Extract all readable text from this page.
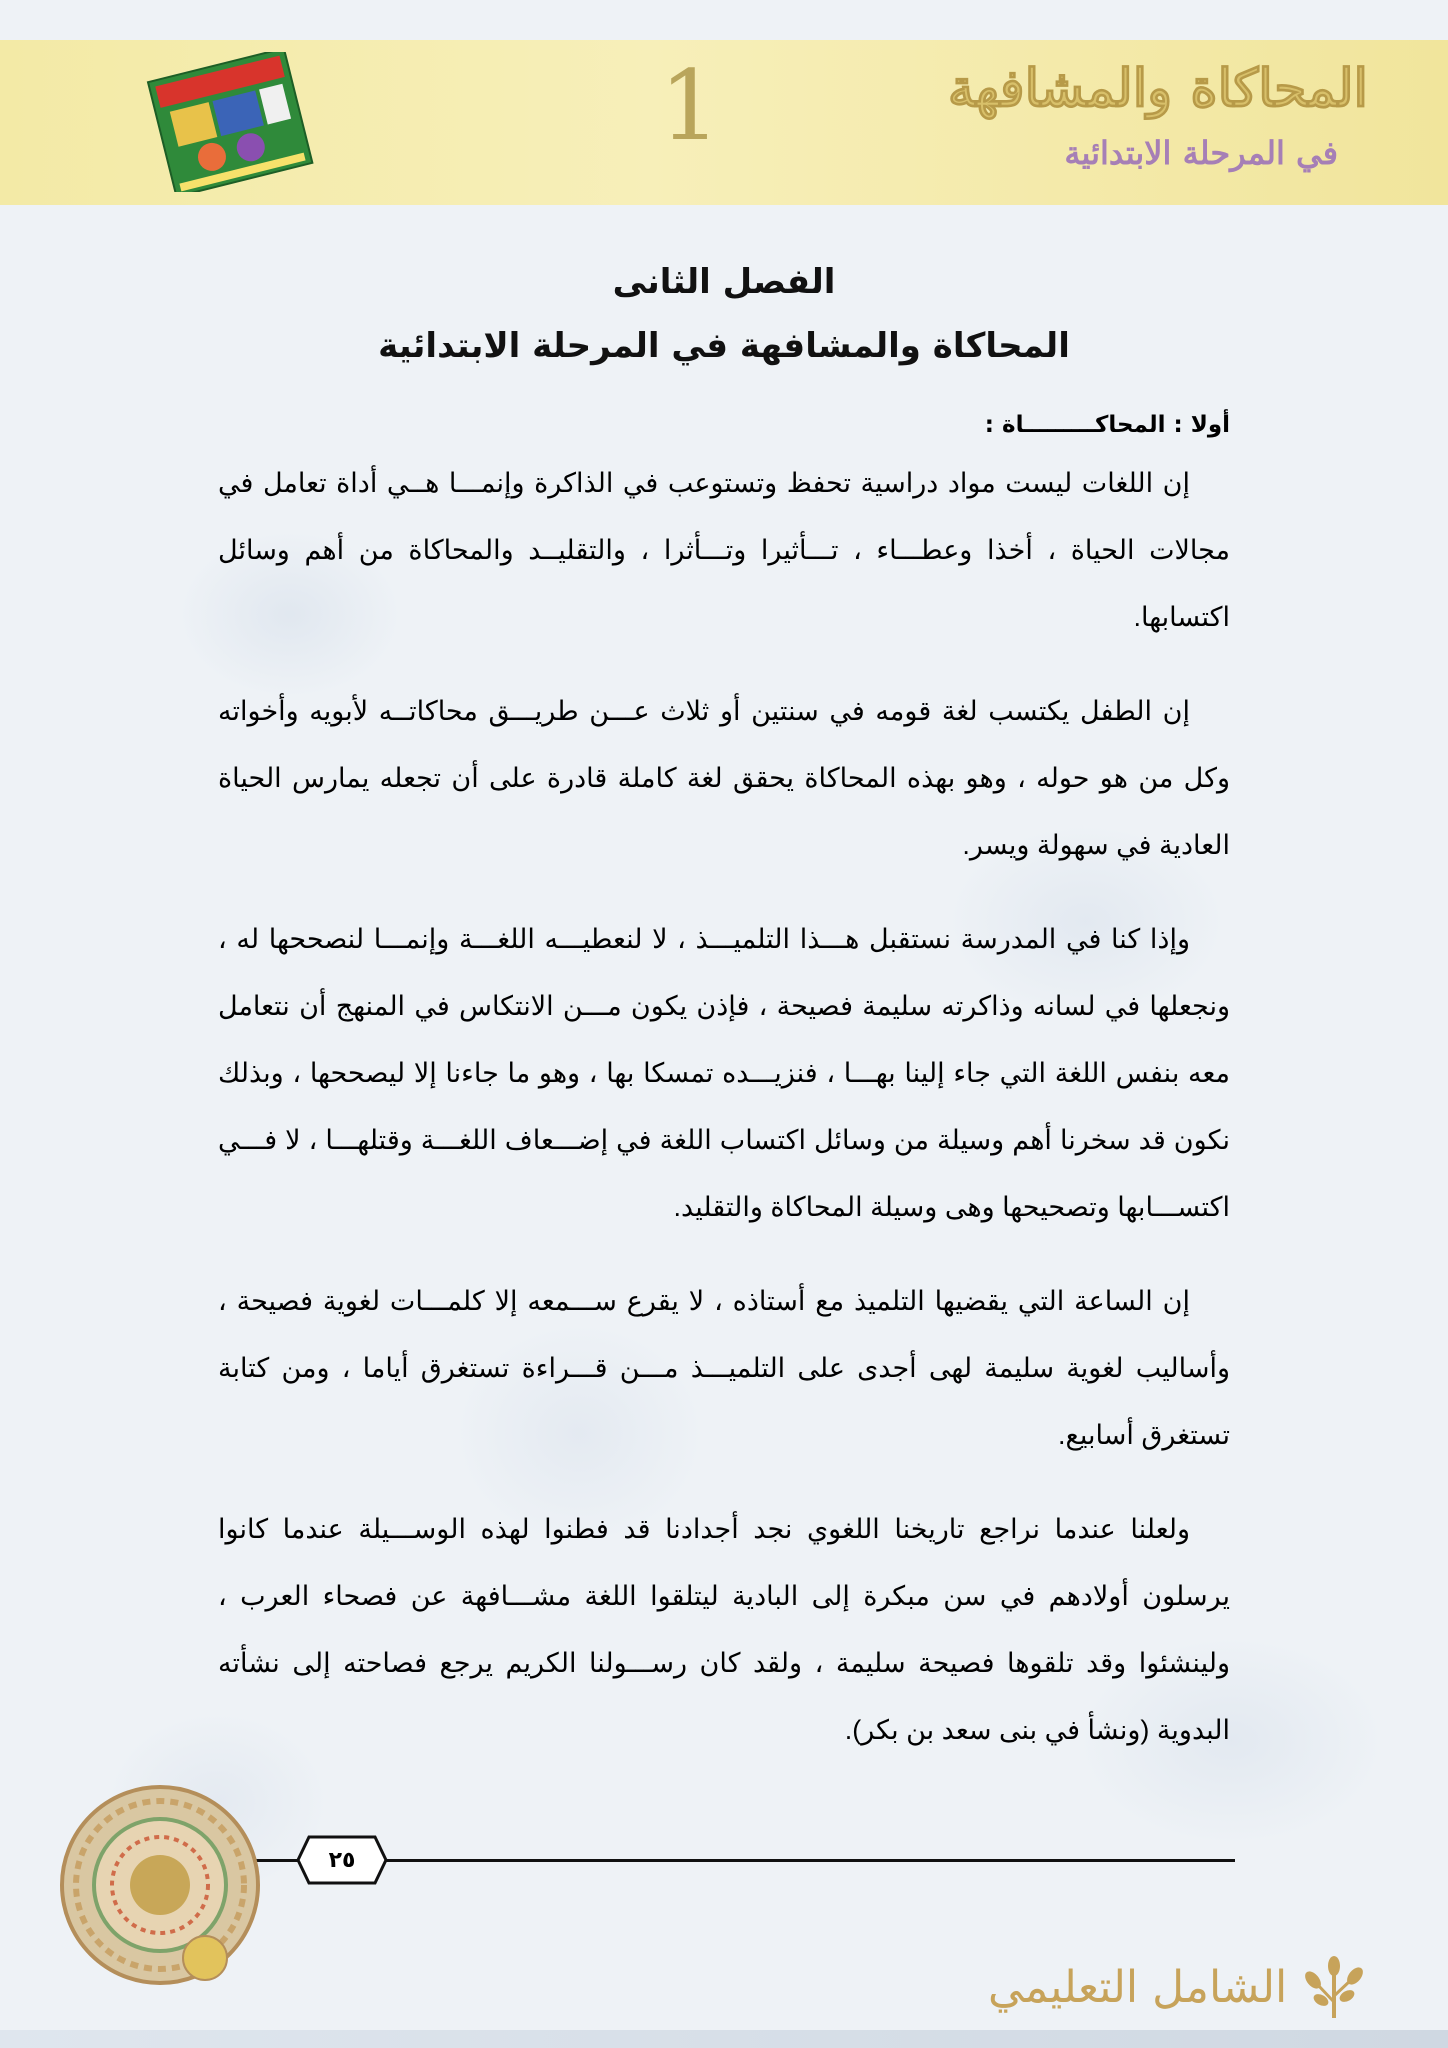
1	المحاكاة والمشافهة
في المرحلة الابتدائية
الفصل الثانى
المحاكاة والمشافهة في المرحلة الابتدائية
أولا : المحاكـــــــــاة :

إن اللغات ليست مواد دراسية تحفظ وتستوعب في الذاكرة وإنمـــا هــي أداة تعامل في مجالات الحياة ، أخذا وعطـــاء ، تـــأثيرا وتـــأثرا ، والتقليــد والمحاكاة من أهم وسائل اكتسابها.

إن الطفل يكتسب لغة قومه في سنتين أو ثلاث عـــن طريـــق محاكاتــه لأبويه وأخواته وكل من هو حوله ، وهو بهذه المحاكاة يحقق لغة كاملة قادرة على أن تجعله يمارس الحياة العادية في سهولة ويسر.

وإذا كنا في المدرسة نستقبل هـــذا التلميـــذ ، لا لنعطيـــه اللغـــة وإنمـــا لنصححها له ، ونجعلها في لسانه وذاكرته سليمة فصيحة ، فإذن يكون مـــن الانتكاس في المنهج أن نتعامل معه بنفس اللغة التي جاء إلينا بهـــا ، فنزيـــده تمسكا بها ، وهو ما جاءنا إلا ليصححها ، وبذلك نكون قد سخرنا أهم وسيلة من وسائل اكتساب اللغة في إضـــعاف اللغـــة وقتلهـــا ، لا فـــي اكتســـابها وتصحيحها وهى وسيلة المحاكاة والتقليد.

إن الساعة التي يقضيها التلميذ مع أستاذه ، لا يقرع ســـمعه إلا كلمـــات لغوية فصيحة ، وأساليب لغوية سليمة لهى أجدى على التلميـــذ مـــن قـــراءة تستغرق أياما ، ومن كتابة تستغرق أسابيع.

ولعلنا عندما نراجع تاريخنا اللغوي نجد أجدادنا قد فطنوا لهذه الوســـيلة عندما كانوا يرسلون أولادهم في سن مبكرة إلى البادية ليتلقوا اللغة مشـــافهة عن فصحاء العرب ، ولينشئوا وقد تلقوها فصيحة سليمة ، ولقد كان رســـولنا الكريم يرجع فصاحته إلى نشأته البدوية (ونشأ في بنى سعد بن بكر).

٢٥
الشامل التعليمي
